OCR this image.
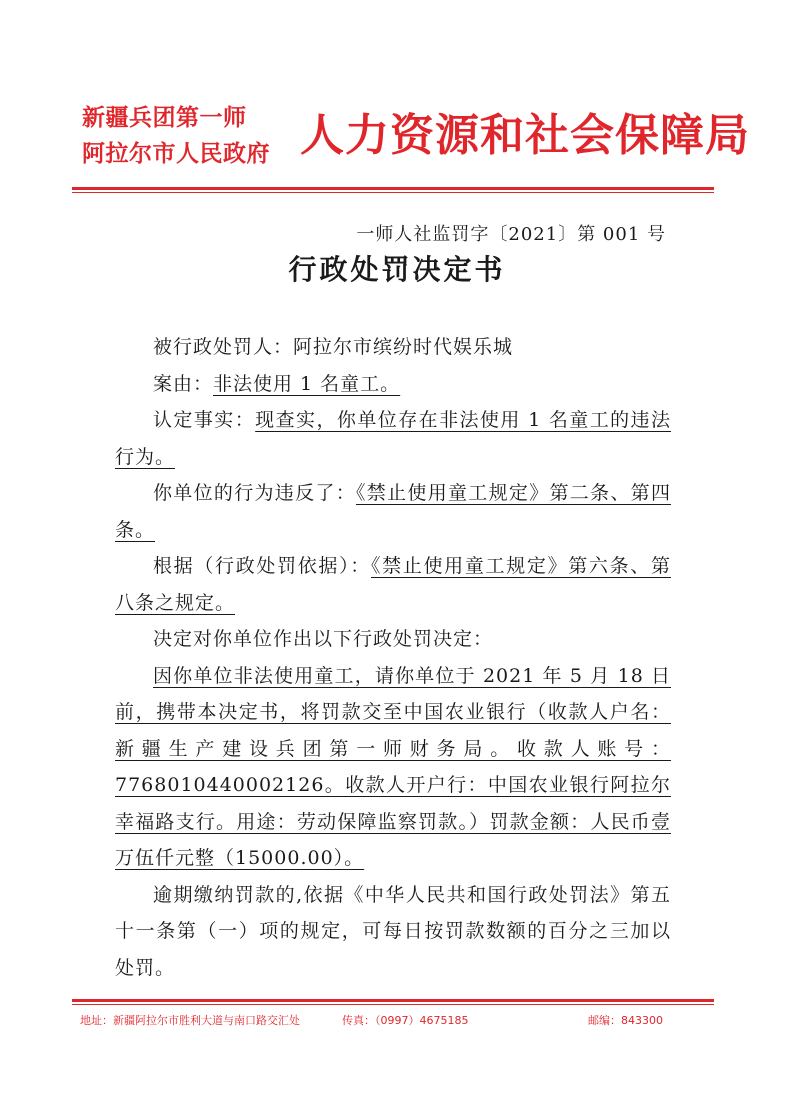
新疆兵团第一师
阿拉尔市人民政府 人力资源和社会保障局
一师人社监罚字〔2021〕第 001 号
行政处罚决定书

被行政处罚人：阿拉尔市缤纷时代娱乐城

案由：非法使用 1 名童工。

认定事实：现查实，你单位存在非法使用 1 名童工的违法行为。

你单位的行为违反了：《禁止使用童工规定》第二条、第四条。

根据（行政处罚依据）：《禁止使用童工规定》第六条、第八条之规定。

决定对你单位作出以下行政处罚决定：

因你单位非法使用童工，请你单位于 2021 年 5 月 18 日前，携带本决定书，将罚款交至中国农业银行（收款人户名：新疆生产建设兵团第一师财务局。收款人账号：7768010440002126。收款人开户行：中国农业银行阿拉尔幸福路支行。用途：劳动保障监察罚款。）罚款金额：人民币壹万伍仟元整（15000.00）。

逾期缴纳罚款的,依据《中华人民共和国行政处罚法》第五十一条第（一）项的规定，可每日按罚款数额的百分之三加以处罚。

地址：新疆阿拉尔市胜利大道与南口路交汇处	传真：（0997）4675185	邮编：843300
